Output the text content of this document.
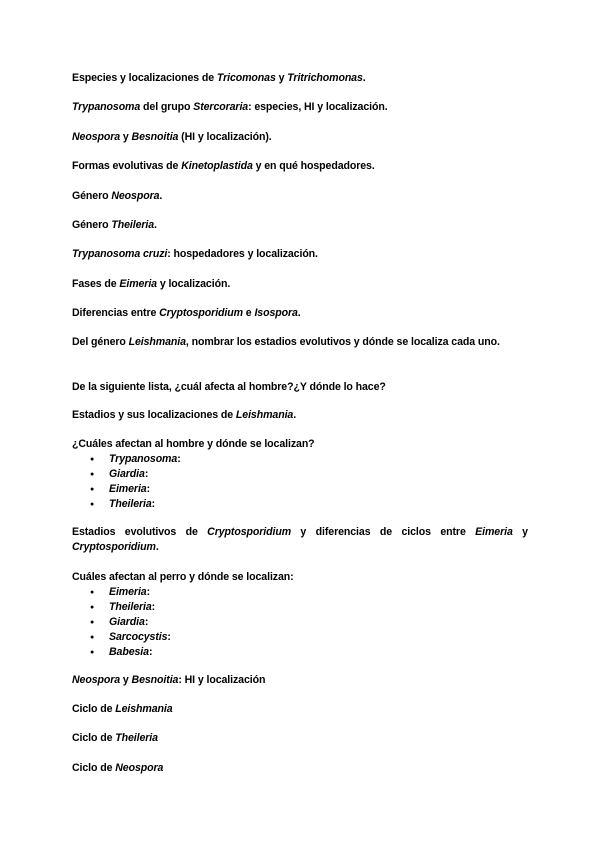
Especies y localizaciones de Tricomonas y Tritrichomonas.
Trypanosoma del grupo Stercoraria: especies, HI y localización.
Neospora y Besnoitia (HI y localización).
Formas evolutivas de Kinetoplastida y en qué hospedadores.
Género Neospora.
Género Theileria.
Trypanosoma cruzi: hospedadores y localización.
Fases de Eimeria y localización.
Diferencias entre Cryptosporidium e Isospora.
Del género Leishmania, nombrar los estadios evolutivos y dónde se localiza cada uno.
De la siguiente lista, ¿cuál afecta al hombre?¿Y dónde lo hace?
Estadios y sus localizaciones de Leishmania.
¿Cuáles afectan al hombre y dónde se localizan?
● Trypanosoma:
● Giardia:
● Eimeria:
● Theileria:
Estadios evolutivos de Cryptosporidium y diferencias de ciclos entre Eimeria y Cryptosporidium.
Cuáles afectan al perro y dónde se localizan:
● Eimeria:
● Theileria:
● Giardia:
● Sarcocystis:
● Babesia:
Neospora y Besnoitia: HI y localización
Ciclo de Leishmania
Ciclo de Theileria
Ciclo de Neospora
